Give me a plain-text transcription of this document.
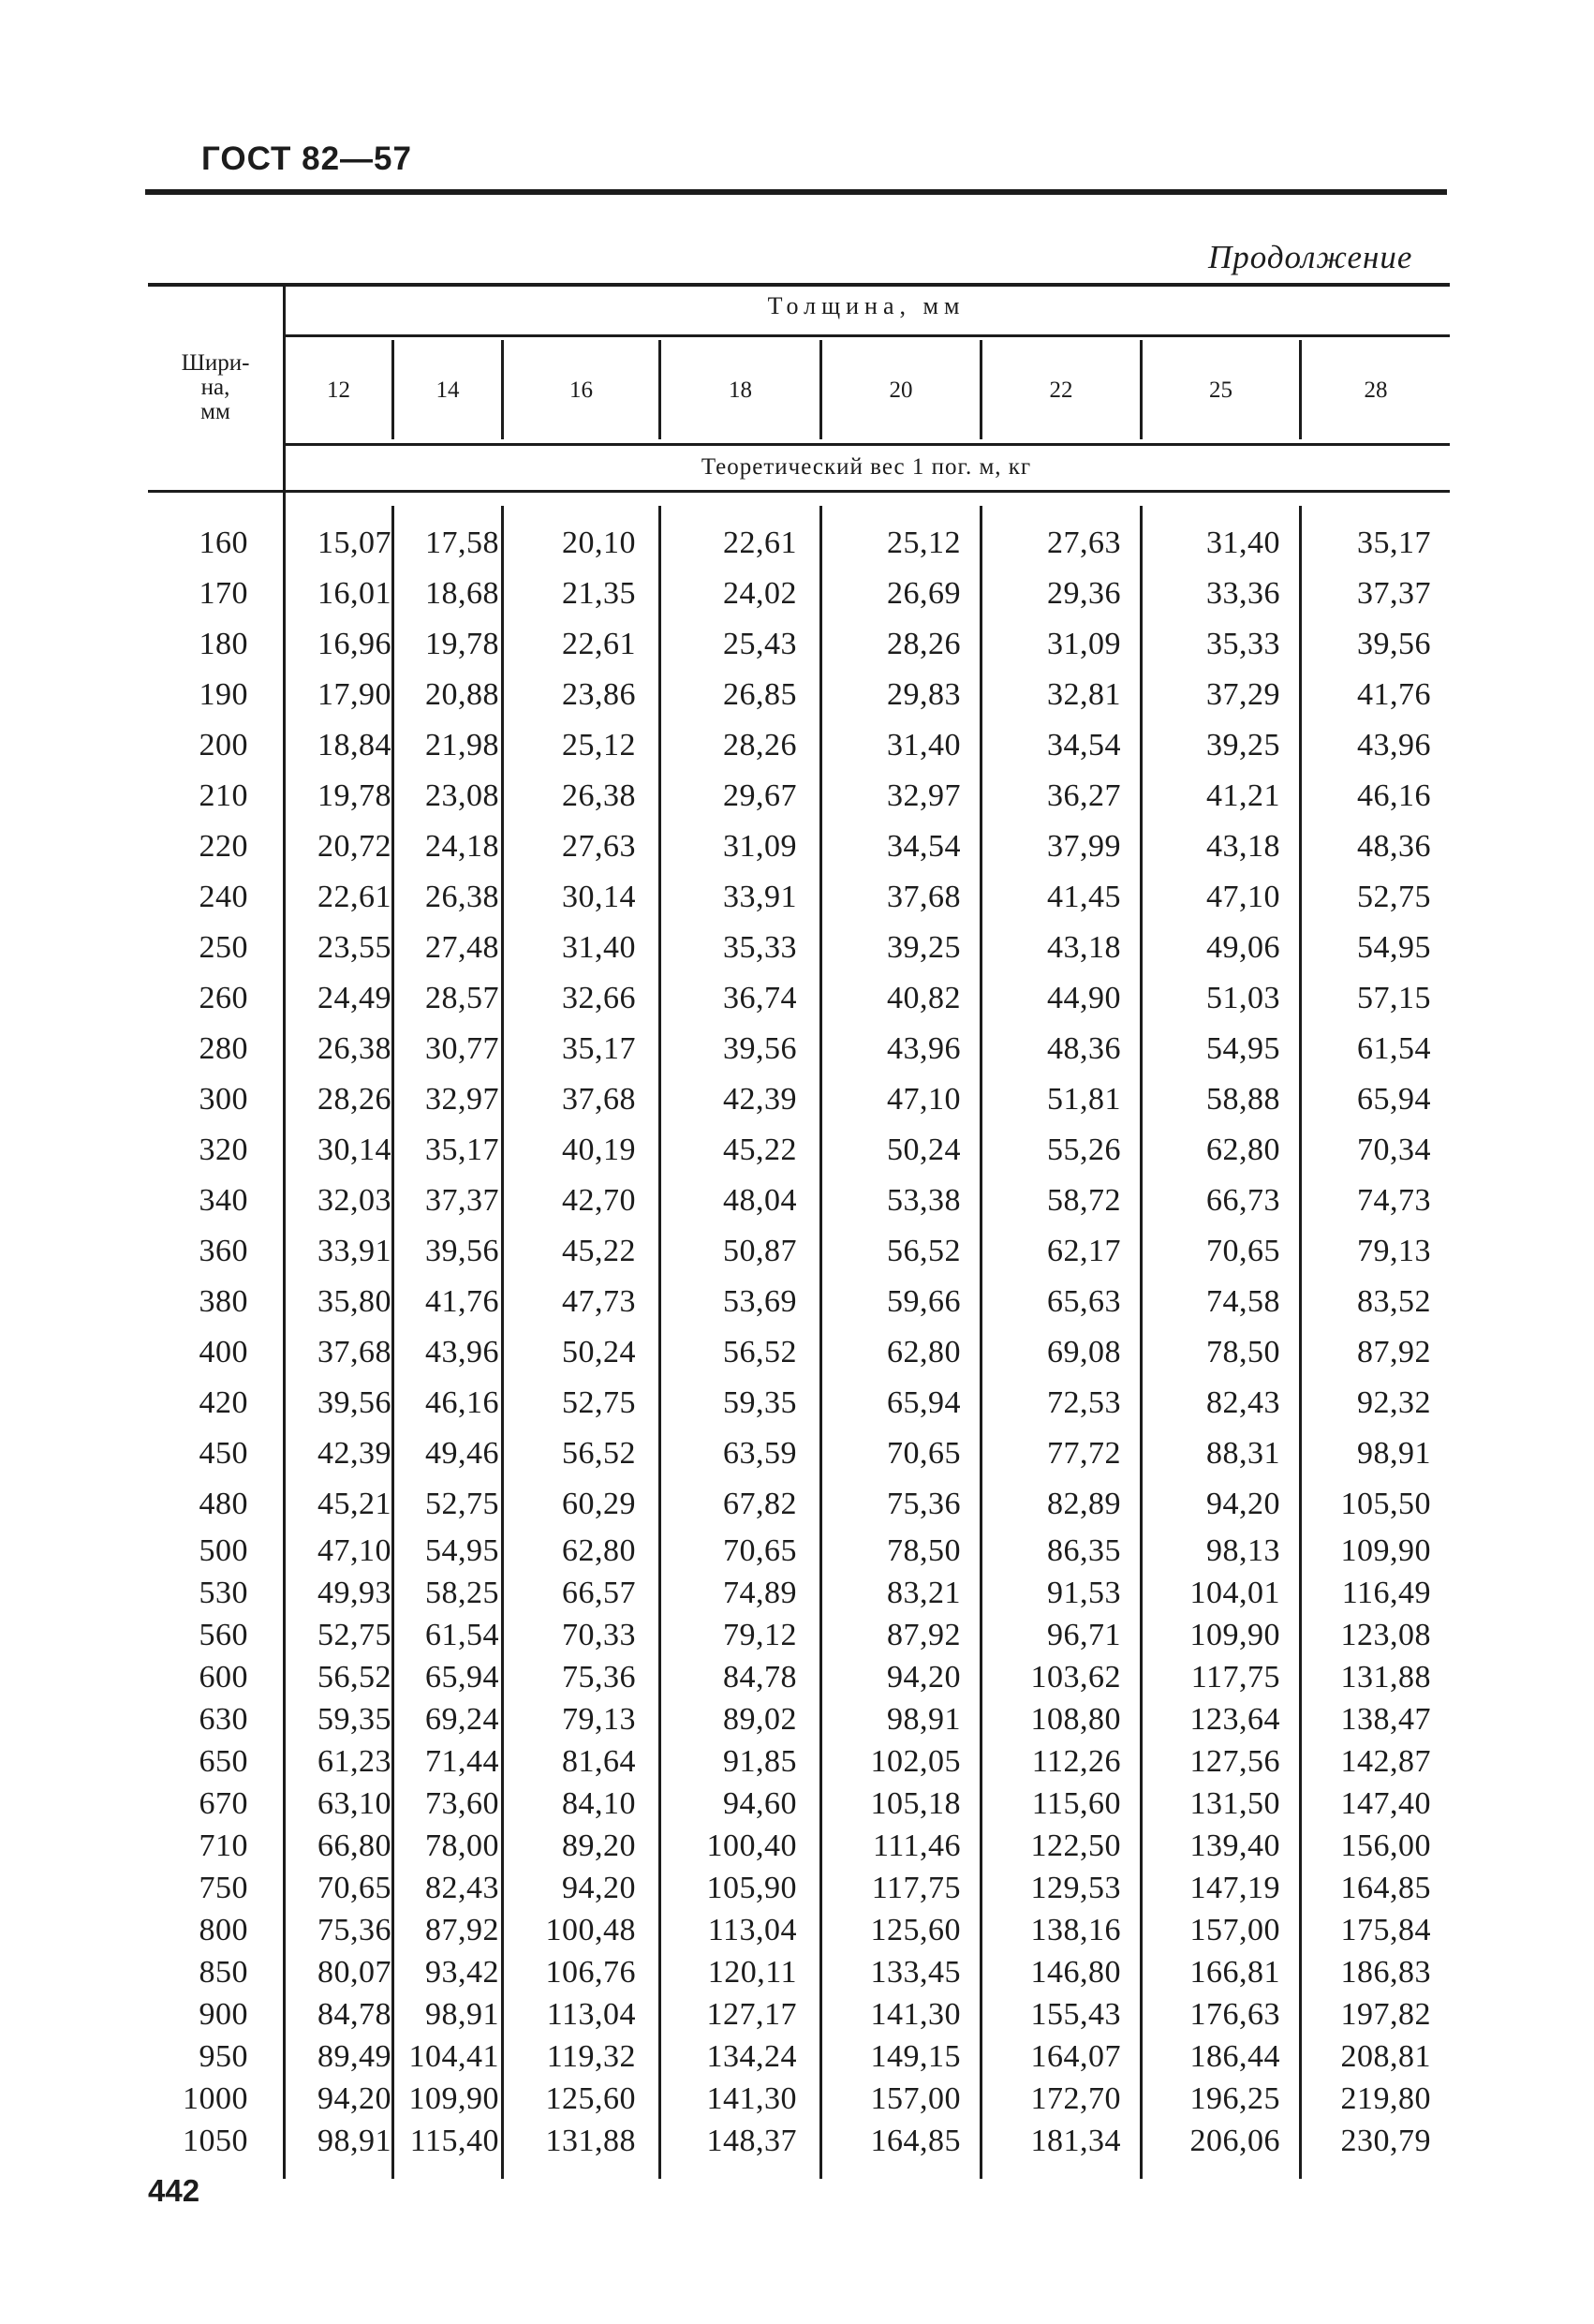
ГОСТ 82—57
Продолжение
Шири-
на,
мм
Толщина, мм
Теоретический вес 1 пог. м, кг
12	14	16	18	20	22	25	28
160	15,07	17,58	20,10	22,61	25,12	27,63	31,40	35,17
170	16,01	18,68	21,35	24,02	26,69	29,36	33,36	37,37
180	16,96	19,78	22,61	25,43	28,26	31,09	35,33	39,56
190	17,90	20,88	23,86	26,85	29,83	32,81	37,29	41,76
200	18,84	21,98	25,12	28,26	31,40	34,54	39,25	43,96
210	19,78	23,08	26,38	29,67	32,97	36,27	41,21	46,16
220	20,72	24,18	27,63	31,09	34,54	37,99	43,18	48,36
240	22,61	26,38	30,14	33,91	37,68	41,45	47,10	52,75
250	23,55	27,48	31,40	35,33	39,25	43,18	49,06	54,95
260	24,49	28,57	32,66	36,74	40,82	44,90	51,03	57,15
280	26,38	30,77	35,17	39,56	43,96	48,36	54,95	61,54
300	28,26	32,97	37,68	42,39	47,10	51,81	58,88	65,94
320	30,14	35,17	40,19	45,22	50,24	55,26	62,80	70,34
340	32,03	37,37	42,70	48,04	53,38	58,72	66,73	74,73
360	33,91	39,56	45,22	50,87	56,52	62,17	70,65	79,13
380	35,80	41,76	47,73	53,69	59,66	65,63	74,58	83,52
400	37,68	43,96	50,24	56,52	62,80	69,08	78,50	87,92
420	39,56	46,16	52,75	59,35	65,94	72,53	82,43	92,32
450	42,39	49,46	56,52	63,59	70,65	77,72	88,31	98,91
480	45,21	52,75	60,29	67,82	75,36	82,89	94,20	105,50
500	47,10	54,95	62,80	70,65	78,50	86,35	98,13	109,90
530	49,93	58,25	66,57	74,89	83,21	91,53	104,01	116,49
560	52,75	61,54	70,33	79,12	87,92	96,71	109,90	123,08
600	56,52	65,94	75,36	84,78	94,20	103,62	117,75	131,88
630	59,35	69,24	79,13	89,02	98,91	108,80	123,64	138,47
650	61,23	71,44	81,64	91,85	102,05	112,26	127,56	142,87
670	63,10	73,60	84,10	94,60	105,18	115,60	131,50	147,40
710	66,80	78,00	89,20	100,40	111,46	122,50	139,40	156,00
750	70,65	82,43	94,20	105,90	117,75	129,53	147,19	164,85
800	75,36	87,92	100,48	113,04	125,60	138,16	157,00	175,84
850	80,07	93,42	106,76	120,11	133,45	146,80	166,81	186,83
900	84,78	98,91	113,04	127,17	141,30	155,43	176,63	197,82
950	89,49 104,41	119,32	134,24	149,15	164,07	186,44	208,81
1000	94,20 109,90	125,60	141,30	157,00	172,70	196,25	219,80
1050	98,91 115,40	131,88	148,37	164,85	181,34	206,06	230,79
442
